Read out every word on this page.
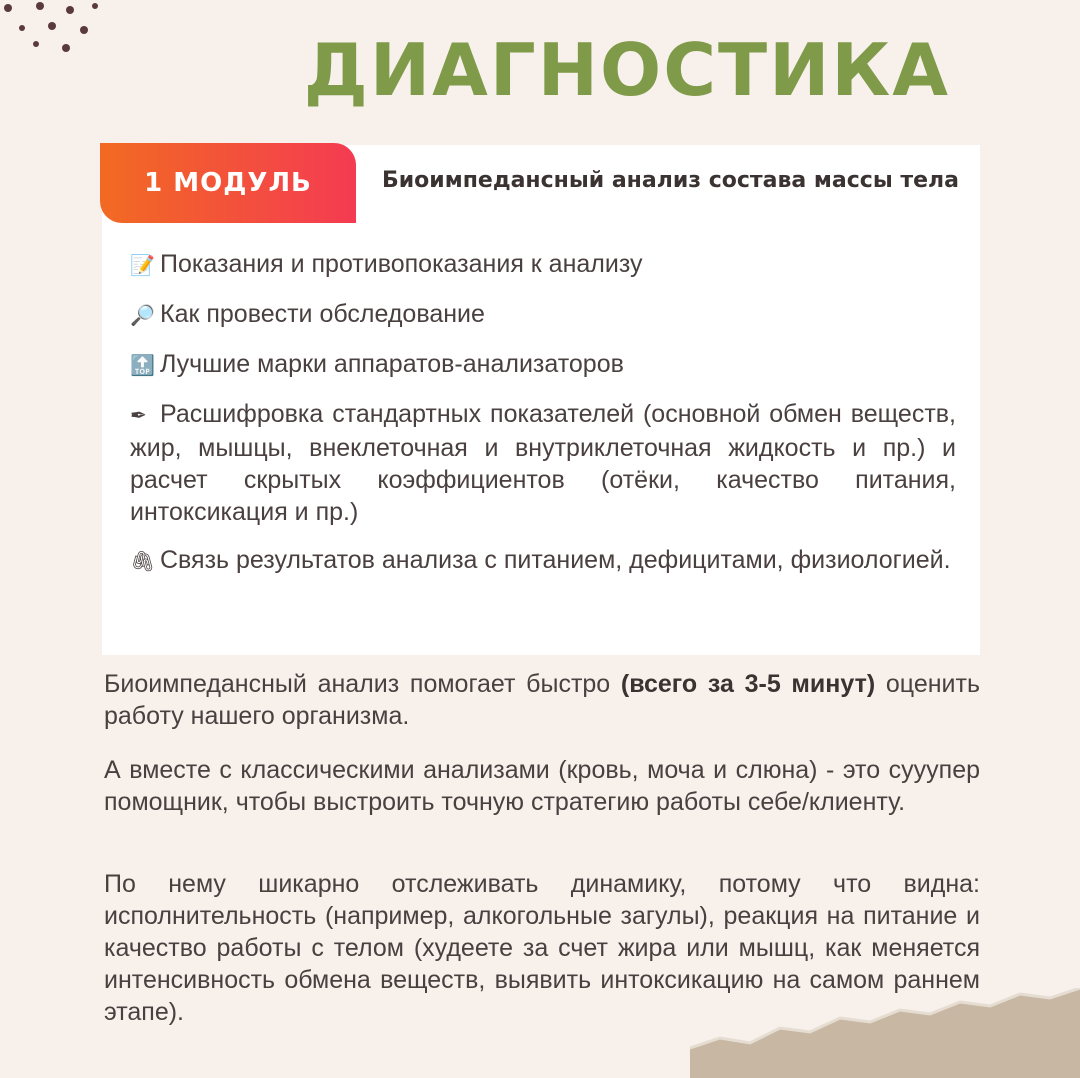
ДИАГНОСТИКА
1 МОДУЛЬ	Биоимпедансный анализ состава массы тела
📝 Показания и противопоказания к анализу
🔎 Как провести обследование
🔝 Лучшие марки аппаратов-анализаторов
✒ Расшифровка стандартных показателей (основной обмен веществ, жир, мышцы, внеклеточная и внутриклеточная жидкость и пр.) и расчет скрытых коэффициентов (отёки, качество питания, интоксикация и пр.)
🖇 Связь результатов анализа с питанием, дефицитами, физиологией.
Биоимпедансный анализ помогает быстро (всего за 3-5 минут) оценить работу нашего организма.
А вместе с классическими анализами (кровь, моча и слюна) - это сууупер помощник, чтобы выстроить точную стратегию работы себе/клиенту.
По нему шикарно отслеживать динамику, потому что видна: исполнительность (например, алкогольные загулы), реакция на питание и качество работы с телом (худеете за счет жира или мышц, как меняется интенсивность обмена веществ, выявить интоксикацию на самом раннем этапе).
